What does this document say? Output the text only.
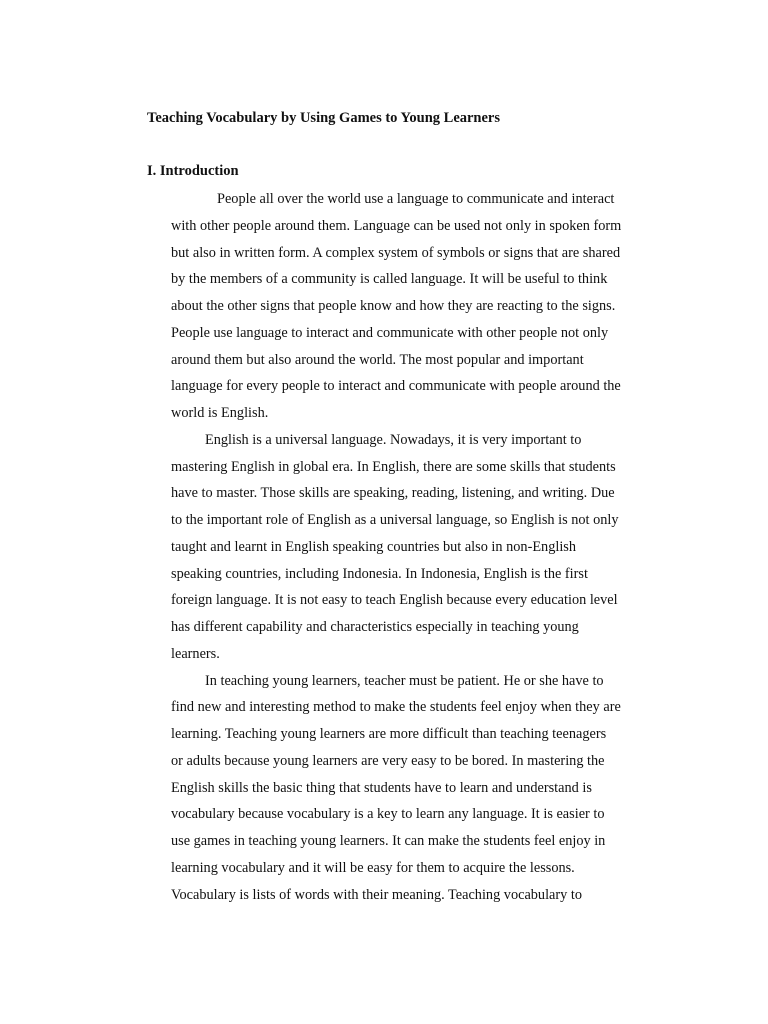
Teaching Vocabulary by Using Games to Young Learners
I. Introduction
People all over the world use a language to communicate and interact
with other people around them. Language can be used not only in spoken form
but also in written form. A complex system of symbols or signs that are shared
by the members of a community is called language. It will be useful to think
about the other signs that people know and how they are reacting to the signs.
People use language to interact and communicate with other people not only
around them but also around the world. The most popular and important
language for every people to interact and communicate with people around the
world is English.
English is a universal language. Nowadays, it is very important to
mastering English in global era. In English, there are some skills that students
have to master. Those skills are speaking, reading, listening, and writing. Due
to the important role of English as a universal language, so English is not only
taught and learnt in English speaking countries but also in non-English
speaking countries, including Indonesia. In Indonesia, English is the first
foreign language. It is not easy to teach English because every education level
has different capability and characteristics especially in teaching young
learners.
In teaching young learners, teacher must be patient. He or she have to
find new and interesting method to make the students feel enjoy when they are
learning. Teaching young learners are more difficult than teaching teenagers
or adults because young learners are very easy to be bored. In mastering the
English skills the basic thing that students have to learn and understand is
vocabulary because vocabulary is a key to learn any language. It is easier to
use games in teaching young learners. It can make the students feel enjoy in
learning vocabulary and it will be easy for them to acquire the lessons.
Vocabulary is lists of words with their meaning. Teaching vocabulary to
